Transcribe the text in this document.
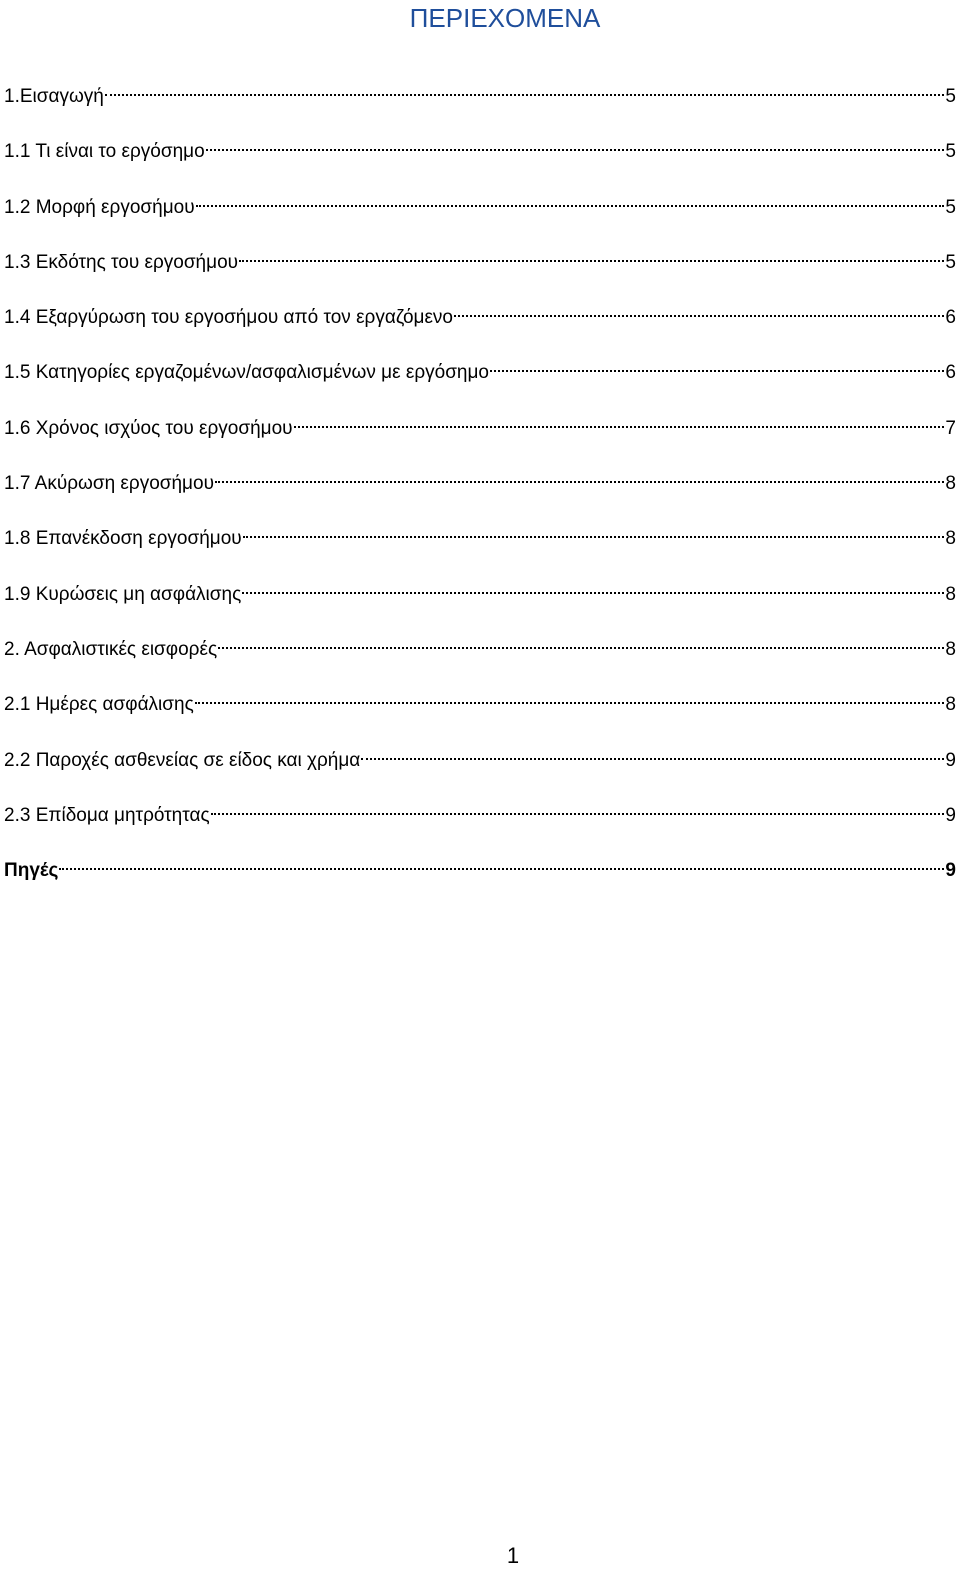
ΠΕΡΙΕΧΟΜΕΝΑ
1.Εισαγωγή	5
1.1 Τι είναι το εργόσημο	5
1.2 Μορφή εργοσήμου	5
1.3 Εκδότης του εργοσήμου	5
1.4 Εξαργύρωση του εργοσήμου από τον εργαζόμενο	6
1.5 Κατηγορίες εργαζομένων/ασφαλισμένων με εργόσημο	6
1.6 Χρόνος ισχύος του εργοσήμου	7
1.7 Ακύρωση εργοσήμου	8
1.8 Επανέκδοση εργοσήμου	8
1.9 Κυρώσεις μη ασφάλισης	8
2. Ασφαλιστικές εισφορές	8
2.1 Ημέρες ασφάλισης	8
2.2 Παροχές ασθενείας σε είδος και χρήμα	9
2.3 Επίδομα μητρότητας	9
Πηγές	9
1
